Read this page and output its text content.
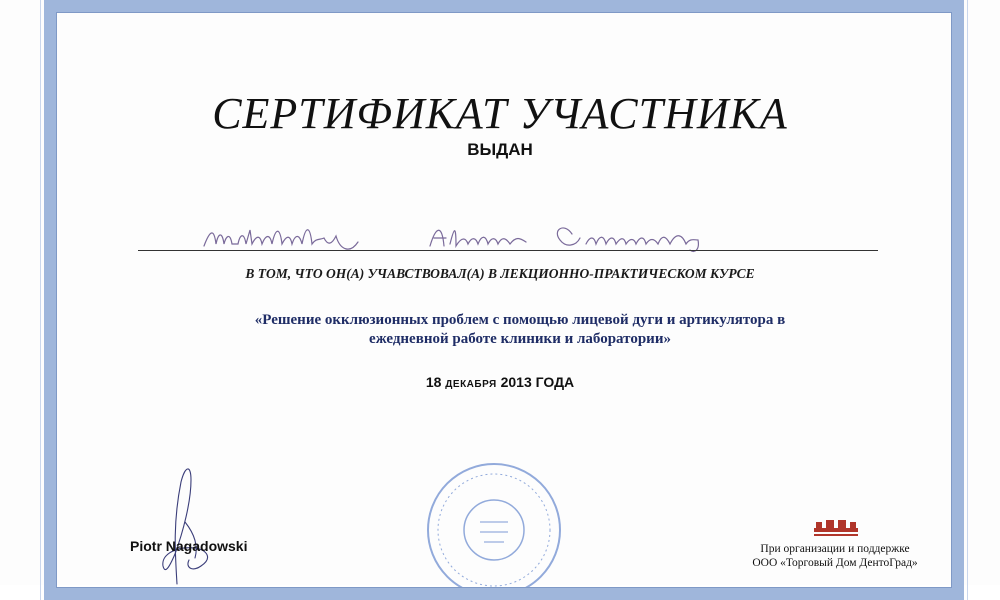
СЕРТИФИКАТ УЧАСТНИКА
ВЫДАН
В ТОМ, ЧТО ОН(А) УЧАВСТВОВАЛ(А) В ЛЕКЦИОННО-ПРАКТИЧЕСКОМ КУРСЕ
«Решение окклюзионных проблем с помощью лицевой дуги и артикулятора в
ежедневной работе клиники и лаборатории»
18 ДЕКАБРЯ 2013 ГОДА
Piotr Nagadowski	При организации и поддержке
ООО «Торговый Дом ДентоГрад»
